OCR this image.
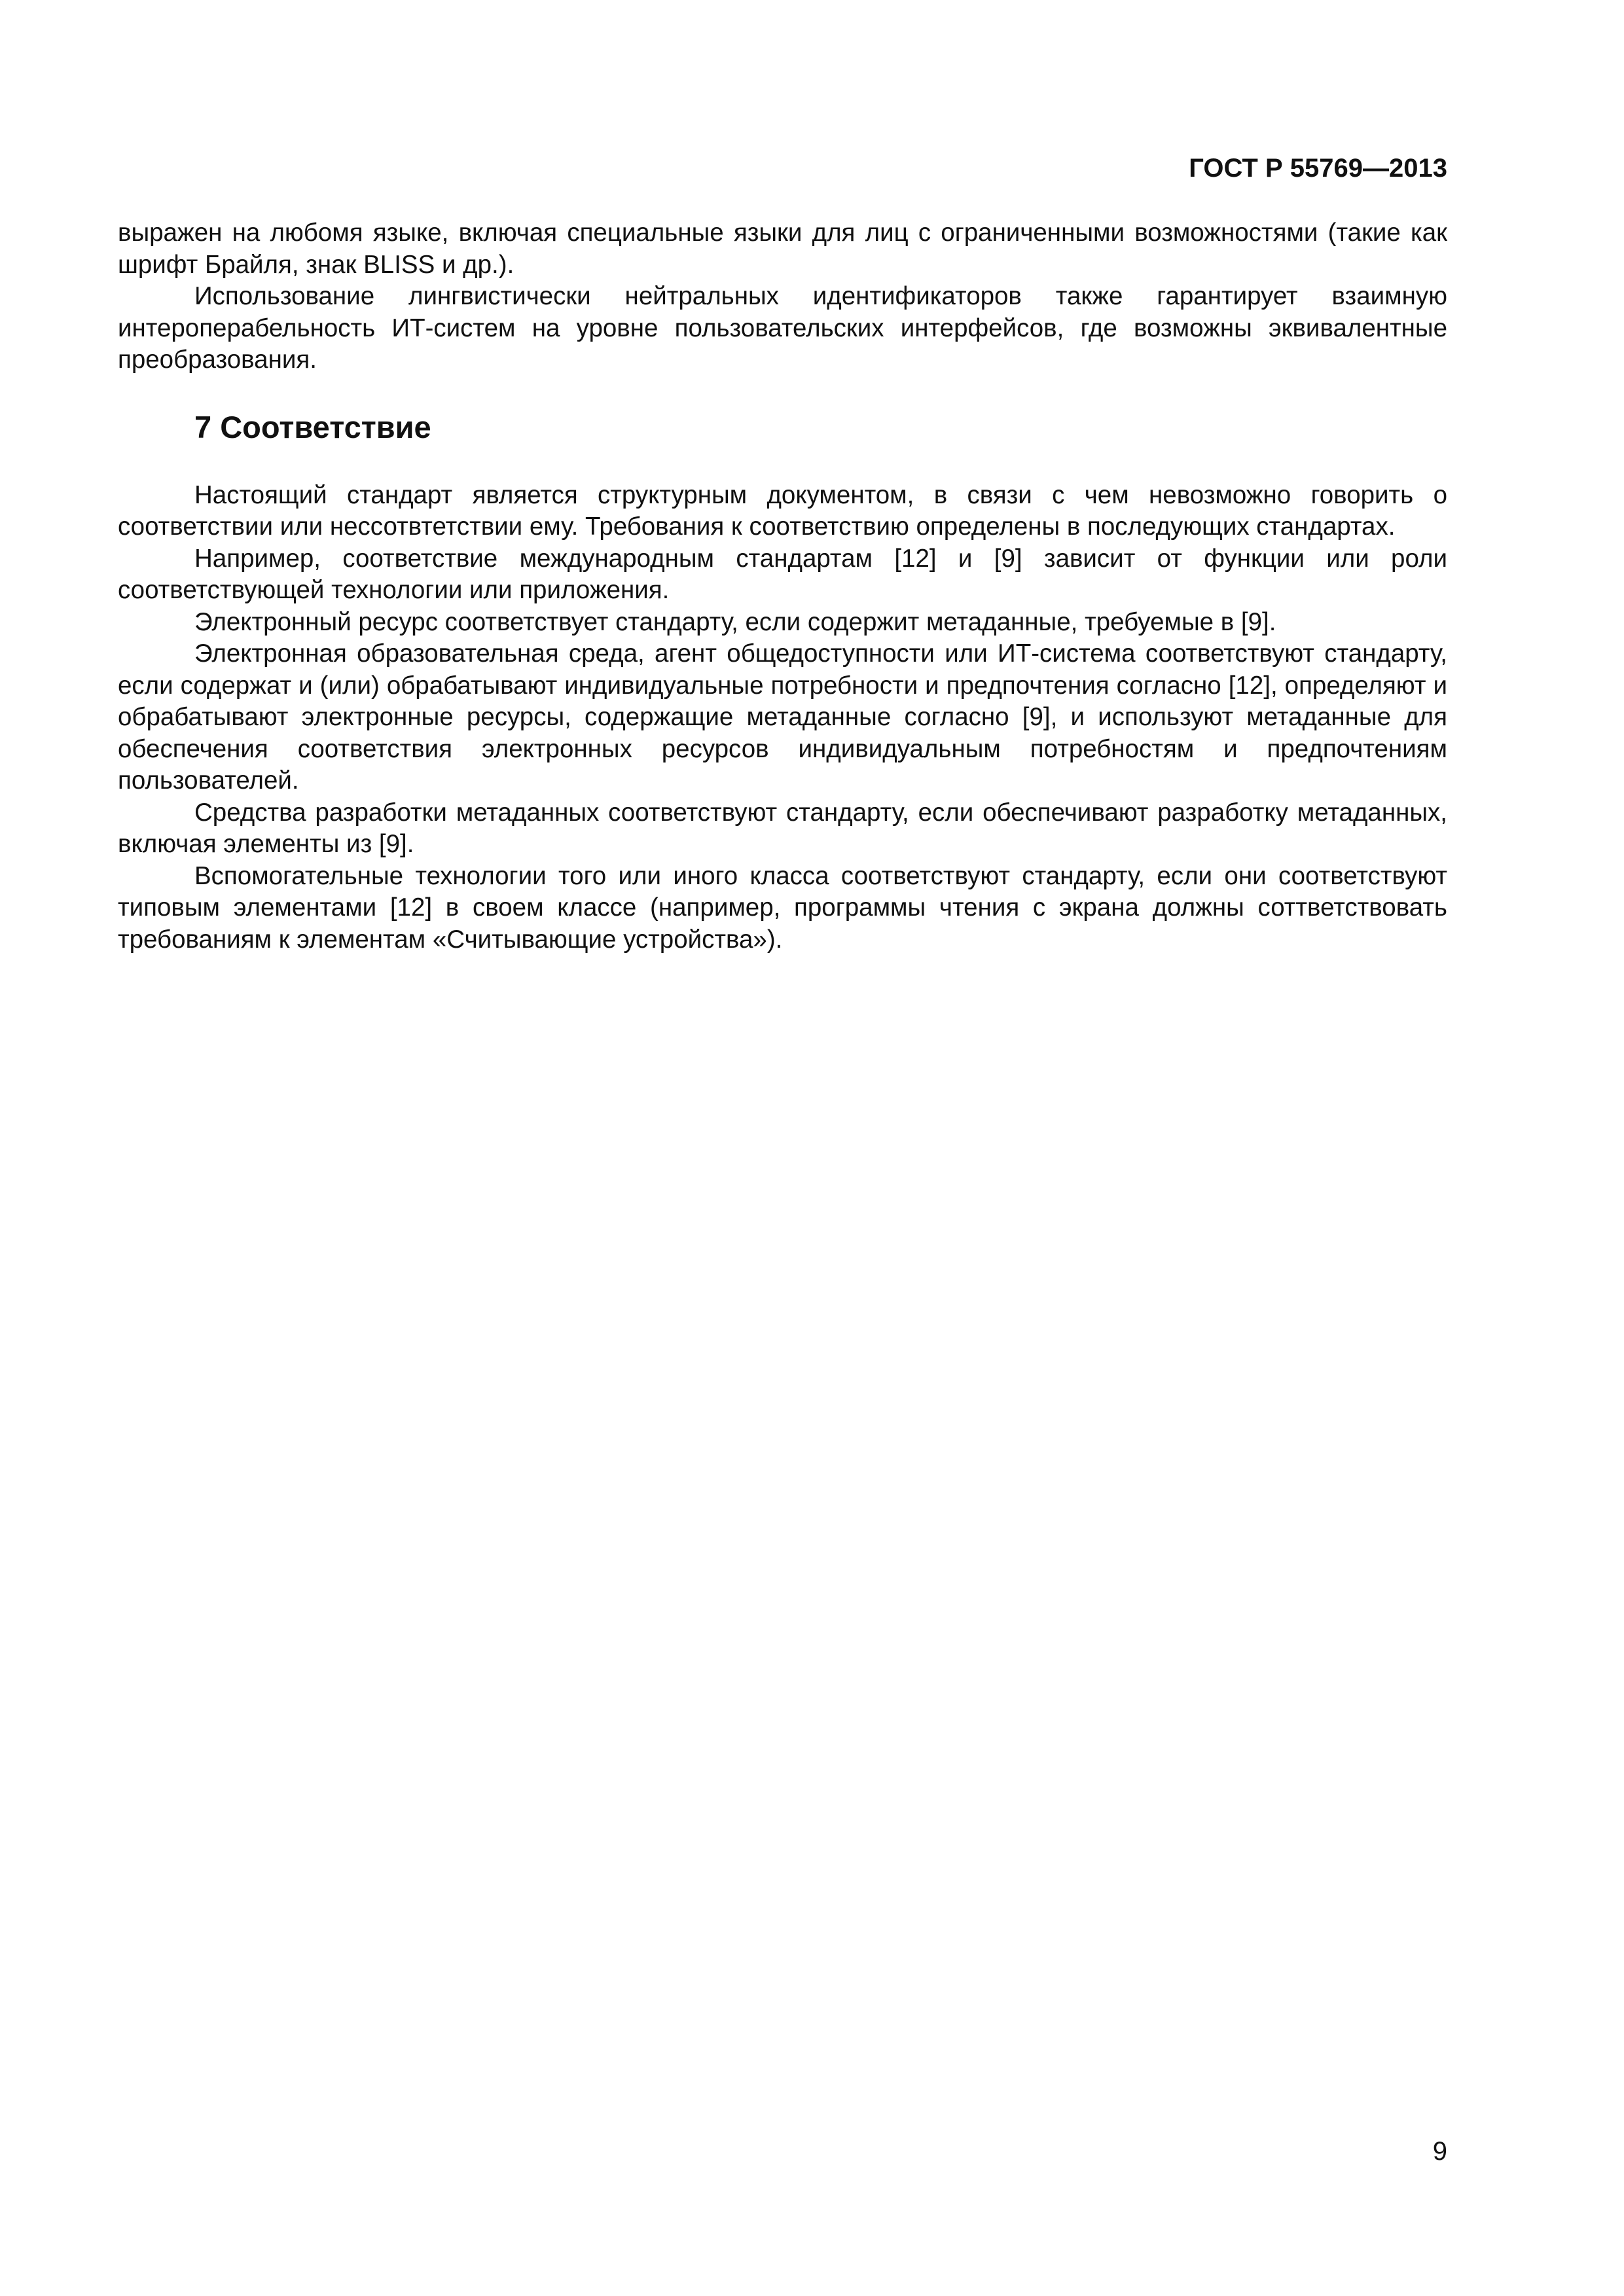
ГОСТ Р 55769—2013

выражен на любомя языке, включая специальные языки для лиц с ограниченными возможностями (такие как шрифт Брайля, знак BLISS и др.).

Использование лингвистически нейтральных идентификаторов также гарантирует взаимную интероперабельность ИТ-систем на уровне пользовательских интерфейсов, где возможны эквивалентные преобразования.

7 Соответствие

Настоящий стандарт является структурным документом, в связи с чем невозможно говорить о соответствии или нессотвтетствии ему. Требования к соответствию определены в последующих стандартах.

Например, соответствие международным стандартам [12] и [9] зависит от функции или роли соответствующей технологии или приложения.

Электронный ресурс соответствует стандарту, если содержит метаданные, требуемые в [9].

Электронная образовательная среда, агент общедоступности или ИТ-система соответствуют стандарту, если содержат и (или) обрабатывают индивидуальные потребности и предпочтения согласно [12], определяют и обрабатывают электронные ресурсы, содержащие метаданные согласно [9], и используют метаданные для обеспечения соответствия электронных ресурсов индивидуальным потребностям и предпочтениям пользователей.

Средства разработки метаданных соответствуют стандарту, если обеспечивают разработку метаданных, включая элементы из [9].

Вспомогательные технологии того или иного класса соответствуют стандарту, если они соответствуют типовым элементами [12] в своем классе (например, программы чтения с экрана должны соттветствовать требованиям к элементам «Считывающие устройства»).

9
